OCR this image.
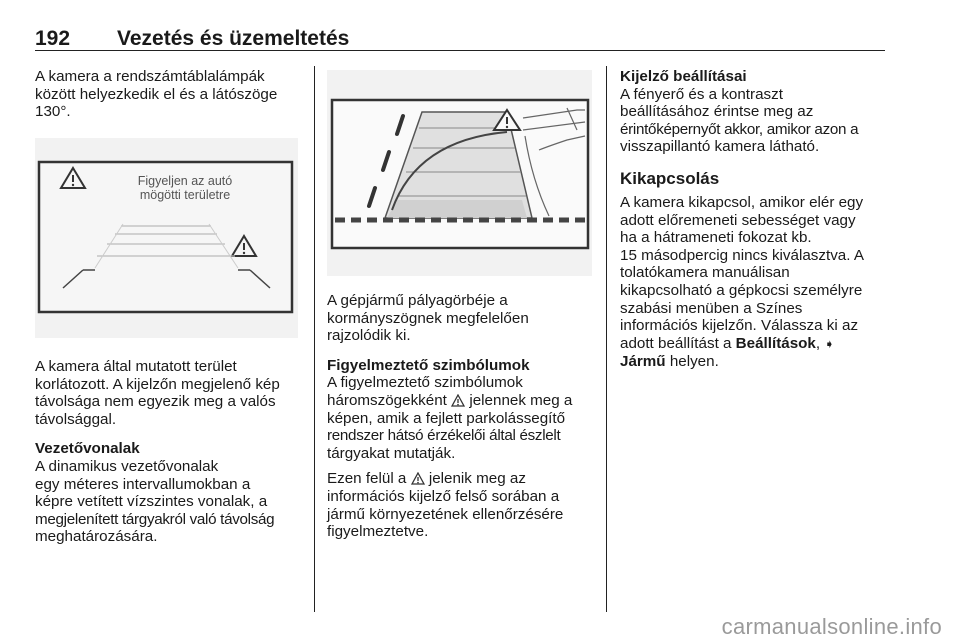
192 Vezetés és üzemeltetés

A kamera a rendszámtáblalámpák

között helyezkedik el és a látószöge

130°.

Figyeljen az autó
mögötti területre

A kamera által mutatott terület

korlátozott. A kijelzőn megjelenő kép

távolsága nem egyezik meg a valós

távolsággal.

Vezetővonalak

A dinamikus vezetővonalak

egy méteres intervallumokban a

képre vetített vízszintes vonalak, a

megjelenített tárgyakról való távolság

meghatározására.

A gépjármű pályagörbéje a

kormányszögnek megfelelően

rajzolódik ki.

Figyelmeztető szimbólumok

A figyelmeztető szimbólumok

háromszögekként jelennek meg a

képen, amik a fejlett parkolássegítő

rendszer hátsó érzékelői által észlelt

tárgyakat mutatják.

Ezen felül a jelenik meg az

információs kijelző felső sorában a

jármű környezetének ellenőrzésére

figyelmeztetve.

Kijelző beállításai

A fényerő és a kontraszt

beállításához érintse meg az

érintőképernyőt akkor, amikor azon a

visszapillantó kamera látható.

Kikapcsolás

A kamera kikapcsol, amikor elér egy

adott előremeneti sebességet vagy

ha a hátrameneti fokozat kb.

15 másodpercig nincs kiválasztva. A

tolatókamera manuálisan

kikapcsolható a gépkocsi személyre

szabási menüben a Színes

információs kijelzőn. Válassza ki az

adott beállítást a Beállítások, ➧

Jármű helyen.

carmanualsonline.info
